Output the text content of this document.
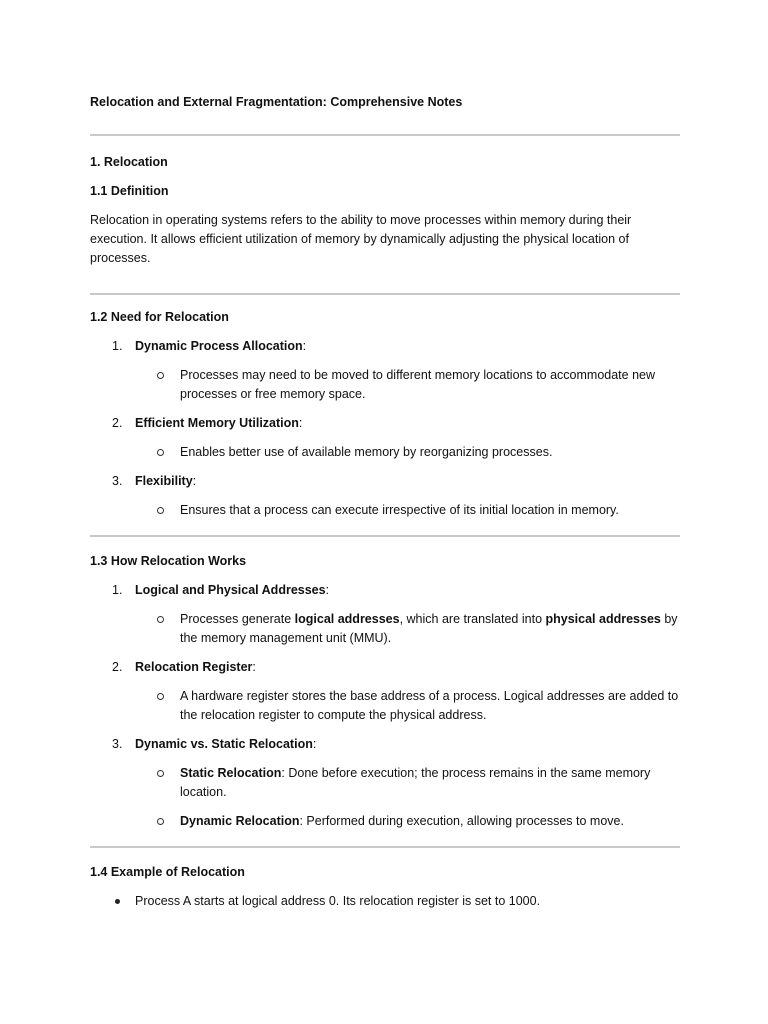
Relocation and External Fragmentation: Comprehensive Notes

1. Relocation

1.1 Definition

Relocation in operating systems refers to the ability to move processes within memory during their execution. It allows efficient utilization of memory by dynamically adjusting the physical location of processes.

1.2 Need for Relocation

1. Dynamic Process Allocation:
Processes may need to be moved to different memory locations to accommodate new processes or free memory space.
2. Efficient Memory Utilization:
Enables better use of available memory by reorganizing processes.
3. Flexibility:
Ensures that a process can execute irrespective of its initial location in memory.

1.3 How Relocation Works

1. Logical and Physical Addresses:
Processes generate logical addresses, which are translated into physical addresses by the memory management unit (MMU).
2. Relocation Register:
A hardware register stores the base address of a process. Logical addresses are added to the relocation register to compute the physical address.
3. Dynamic vs. Static Relocation:
Static Relocation: Done before execution; the process remains in the same memory location.
Dynamic Relocation: Performed during execution, allowing processes to move.

1.4 Example of Relocation

Process A starts at logical address 0. Its relocation register is set to 1000.
